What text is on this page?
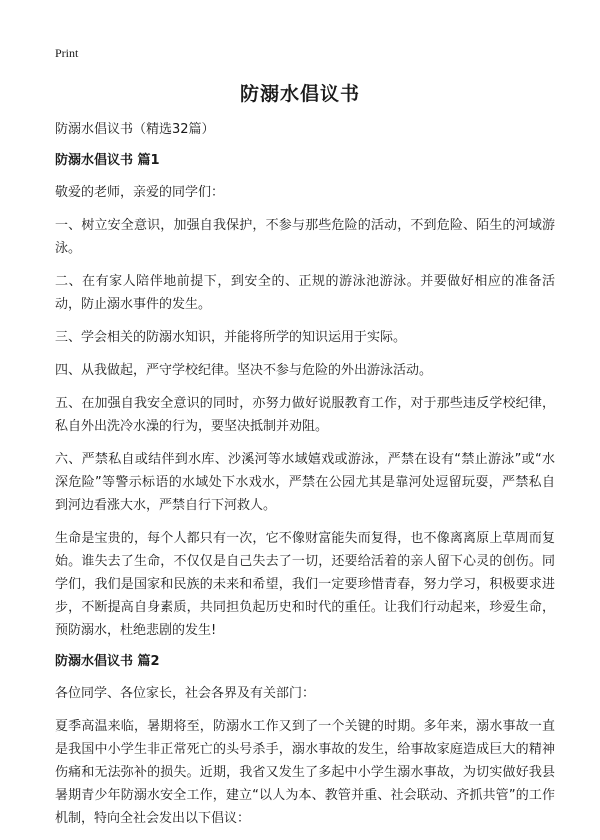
Print
防溺水倡议书
防溺水倡议书（精选32篇）
防溺水倡议书 篇1

敬爱的老师，亲爱的同学们：

一、树立安全意识，加强自我保护，不参与那些危险的活动，不到危险、陌生的河域游泳。

二、在有家人陪伴地前提下，到安全的、正规的游泳池游泳。并要做好相应的准备活动，防止溺水事件的发生。

三、学会相关的防溺水知识，并能将所学的知识运用于实际。

四、从我做起，严守学校纪律。坚决不参与危险的外出游泳活动。

五、在加强自我安全意识的同时，亦努力做好说服教育工作，对于那些违反学校纪律，私自外出洗冷水澡的行为，要坚决抵制并劝阻。

六、严禁私自或结伴到水库、沙溪河等水域嬉戏或游泳，严禁在设有“禁止游泳”或“水深危险”等警示标语的水域处下水戏水，严禁在公园尤其是靠河处逗留玩耍，严禁私自到河边看涨大水，严禁自行下河救人。

生命是宝贵的，每个人都只有一次，它不像财富能失而复得，也不像离离原上草周而复始。谁失去了生命，不仅仅是自己失去了一切，还要给活着的亲人留下心灵的创伤。同学们，我们是国家和民族的未来和希望，我们一定要珍惜青春，努力学习，积极要求进步，不断提高自身素质，共同担负起历史和时代的重任。让我们行动起来，珍爱生命，预防溺水，杜绝悲剧的发生!

防溺水倡议书 篇2

各位同学、各位家长，社会各界及有关部门：

夏季高温来临，暑期将至，防溺水工作又到了一个关键的时期。多年来，溺水事故一直是我国中小学生非正常死亡的头号杀手，溺水事故的发生，给事故家庭造成巨大的精神伤痛和无法弥补的损失。近期，我省又发生了多起中小学生溺水事故，为切实做好我县暑期青少年防溺水安全工作，建立“以人为本、教管并重、社会联动、齐抓共管”的工作机制，特向全社会发出以下倡议：
